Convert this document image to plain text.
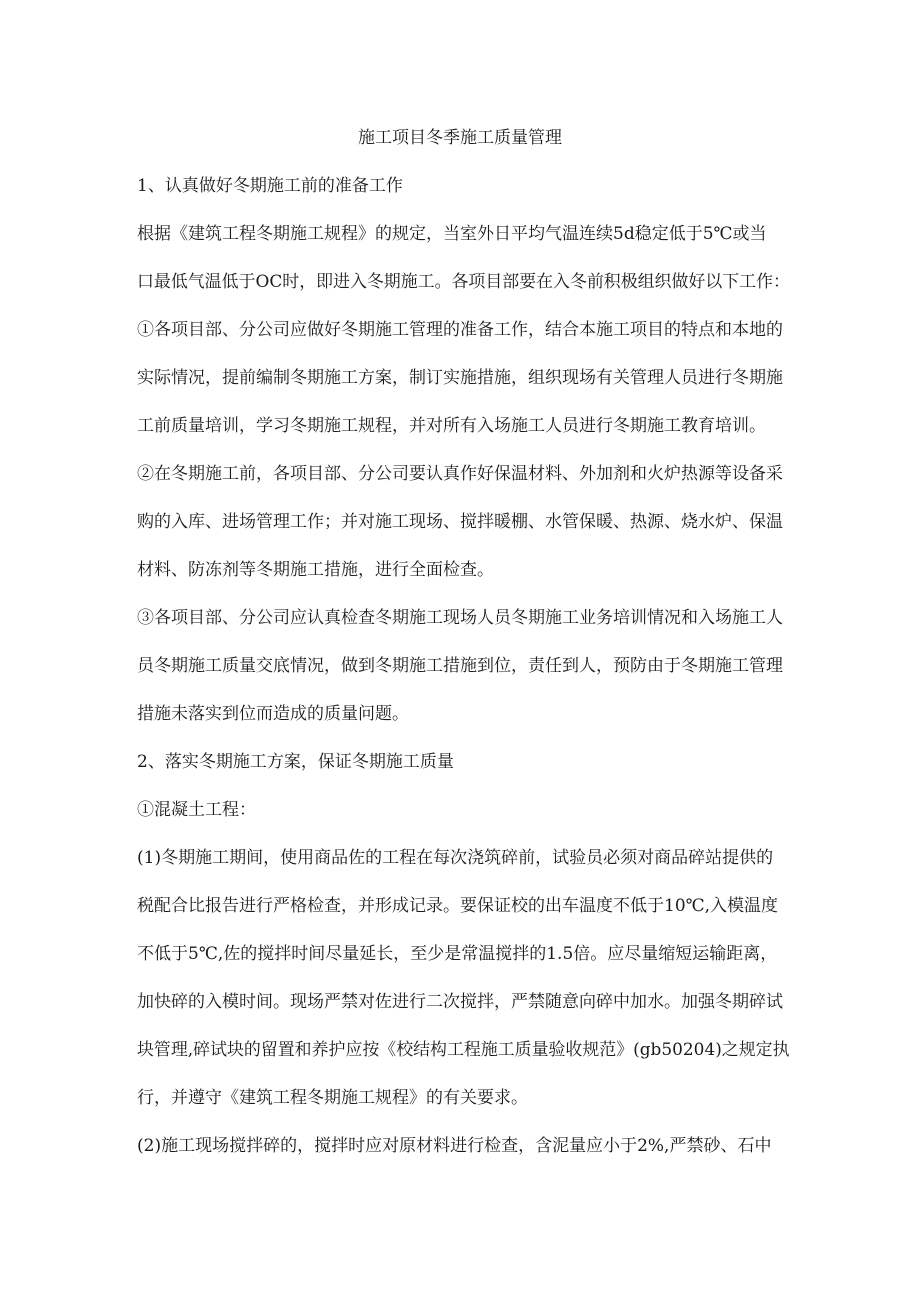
施工项目冬季施工质量管理
1、认真做好冬期施工前的准备工作
根据《建筑工程冬期施工规程》的规定，当室外日平均气温连续5d稳定低于5℃或当
口最低气温低于OC时，即进入冬期施工。各项目部要在入冬前积极组织做好以下工作：
①各项目部、分公司应做好冬期施工管理的准备工作，结合本施工项目的特点和本地的
实际情况，提前编制冬期施工方案，制订实施措施，组织现场有关管理人员进行冬期施
工前质量培训，学习冬期施工规程，并对所有入场施工人员进行冬期施工教育培训。
②在冬期施工前，各项目部、分公司要认真作好保温材料、外加剂和火炉热源等设备采
购的入库、进场管理工作；并对施工现场、搅拌暖棚、水管保暖、热源、烧水炉、保温
材料、防冻剂等冬期施工措施，进行全面检查。
③各项目部、分公司应认真检查冬期施工现场人员冬期施工业务培训情况和入场施工人
员冬期施工质量交底情况，做到冬期施工措施到位，责任到人，预防由于冬期施工管理
措施未落实到位而造成的质量问题。
2、落实冬期施工方案，保证冬期施工质量
①混凝土工程：
(1)冬期施工期间，使用商品佐的工程在每次浇筑碎前，试验员必须对商品碎站提供的
税配合比报告进行严格检查，并形成记录。要保证校的出车温度不低于10℃,入模温度
不低于5℃,佐的搅拌时间尽量延长，至少是常温搅拌的1.5倍。应尽量缩短运输距离，
加快碎的入模时间。现场严禁对佐进行二次搅拌，严禁随意向碎中加水。加强冬期碎试
块管理,碎试块的留置和养护应按《校结构工程施工质量验收规范》(gb50204)之规定执
行，并遵守《建筑工程冬期施工规程》的有关要求。
(2)施工现场搅拌碎的，搅拌时应对原材料进行检查，含泥量应小于2%,严禁砂、石中
